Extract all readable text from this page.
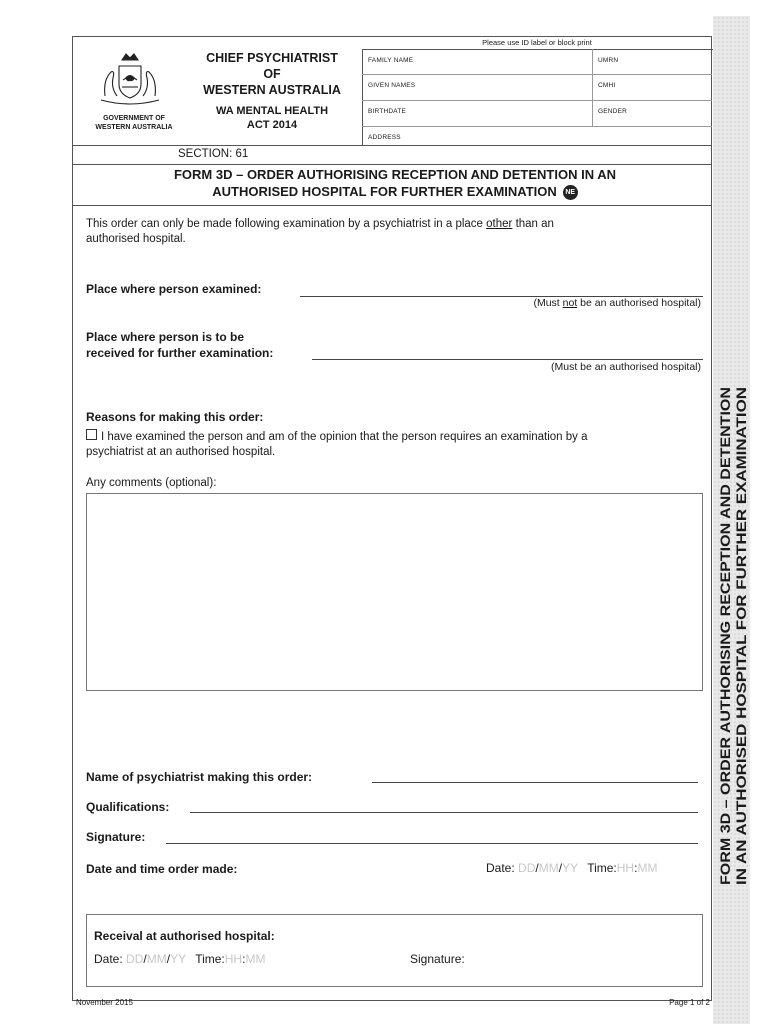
FORM 3D – ORDER AUTHORISING RECEPTION AND DETENTION IN AN AUTHORISED HOSPITAL FOR FURTHER EXAMINATION
GOVERNMENT OF
WESTERN AUSTRALIA
CHIEF PSYCHIATRIST
OF
WESTERN AUSTRALIA
WA MENTAL HEALTH
ACT 2014
Please use ID label or block print
FAMILY NAME	UMRN
GIVEN NAMES	CMHI
BIRTHDATE	GENDER
ADDRESS
SECTION: 61
FORM 3D – ORDER AUTHORISING RECEPTION AND DETENTION IN AN
AUTHORISED HOSPITAL FOR FURTHER EXAMINATION NE
This order can only be made following examination by a psychiatrist in a place other than an
authorised hospital.
Place where person examined:
(Must not be an authorised hospital)
Place where person is to be
received for further examination:
(Must be an authorised hospital)
Reasons for making this order:
I have examined the person and am of the opinion that the person requires an examination by a
psychiatrist at an authorised hospital.
Any comments (optional):
Name of psychiatrist making this order:
Qualifications:
Signature:
Date and time order made:	Date: DD/MM/YY Time:HH:MM
Receival at authorised hospital:
Date: DD/MM/YY Time:HH:MM	Signature:
November 2015	Page 1 of 2
